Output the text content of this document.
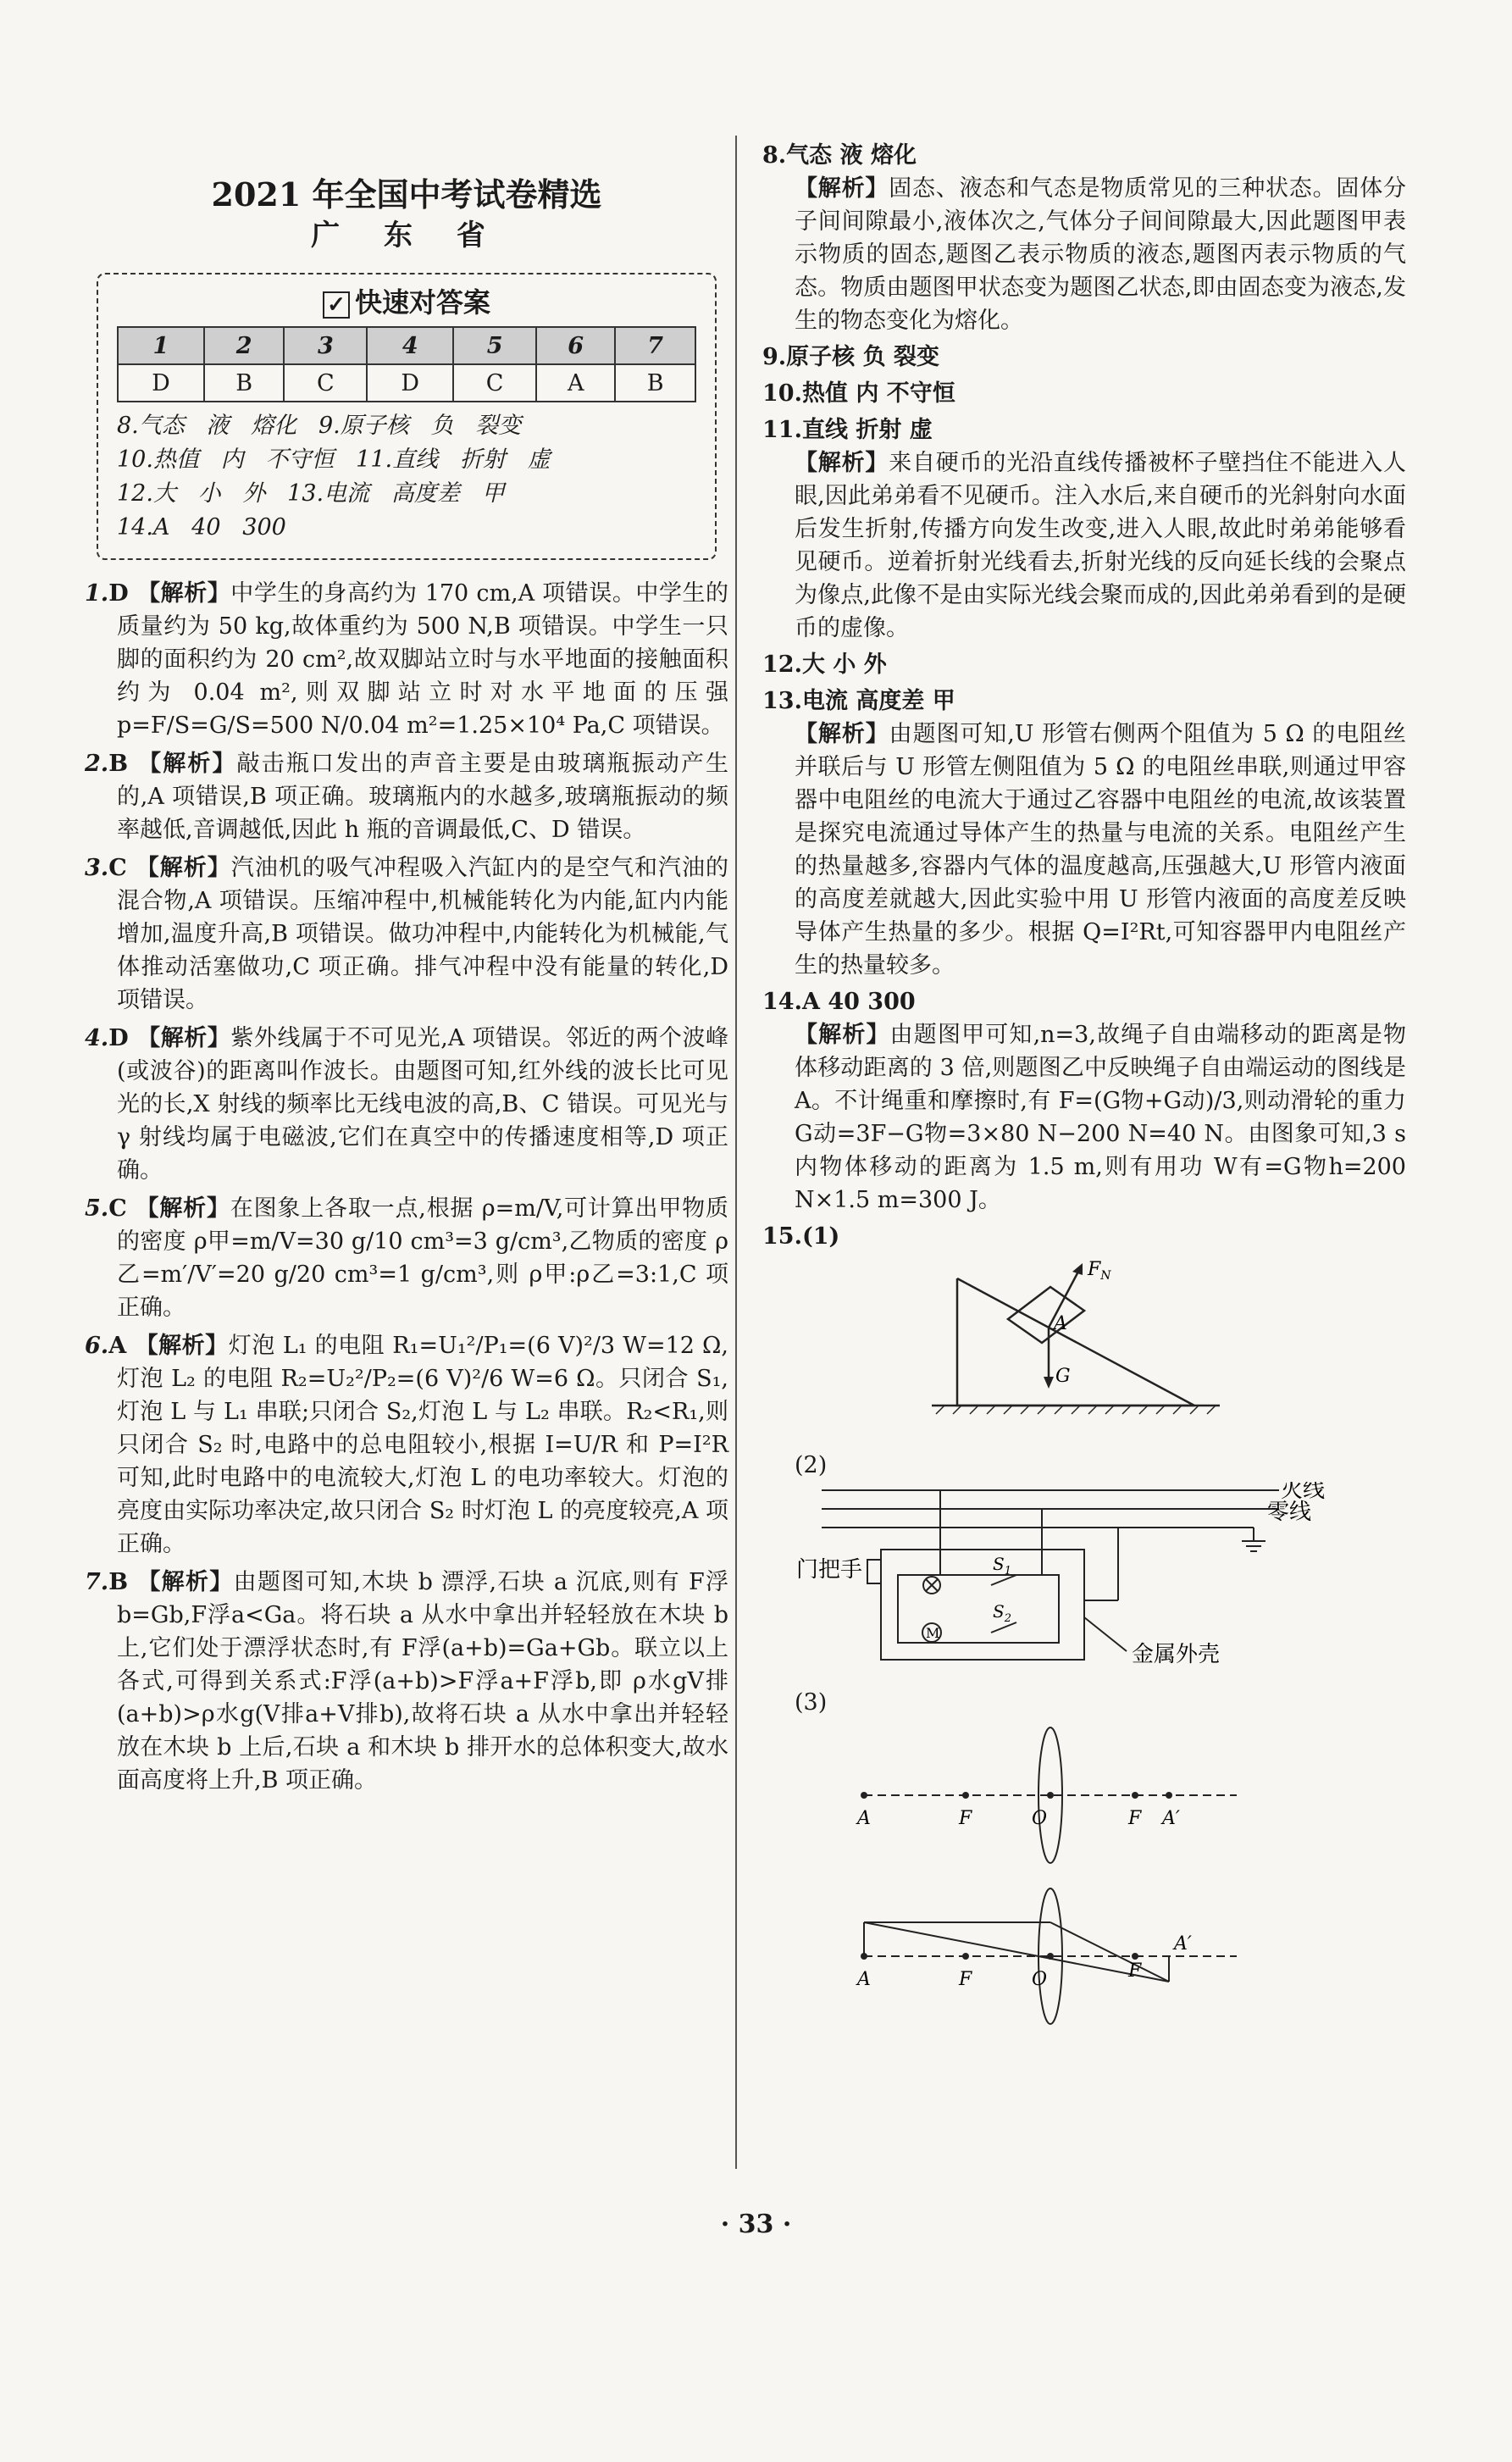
2021 年全国中考试卷精选
广 东 省
✓ 快速对答案
1	2	3	4	5	6	7
D	B	C	D	C	A	B
8.气态   液   熔化   9.原子核   负   裂变
10.热值   内   不守恒   11.直线   折射   虚
12.大   小   外   13.电流   高度差   甲
14.A   40   300
1.D 【解析】中学生的身高约为 170 cm,A 项错误。中学生的质量约为 50 kg,故体重约为 500 N,B 项错误。中学生一只脚的面积约为 20 cm²,故双脚站立时与水平地面的接触面积约为 0.04 m²,则双脚站立时对水平地面的压强 p=F/S=G/S=500 N/0.04 m²=1.25×10⁴ Pa,C 项错误。
2.B 【解析】敲击瓶口发出的声音主要是由玻璃瓶振动产生的,A 项错误,B 项正确。玻璃瓶内的水越多,玻璃瓶振动的频率越低,音调越低,因此 h 瓶的音调最低,C、D 错误。
3.C 【解析】汽油机的吸气冲程吸入汽缸内的是空气和汽油的混合物,A 项错误。压缩冲程中,机械能转化为内能,缸内内能增加,温度升高,B 项错误。做功冲程中,内能转化为机械能,气体推动活塞做功,C 项正确。排气冲程中没有能量的转化,D 项错误。
4.D 【解析】紫外线属于不可见光,A 项错误。邻近的两个波峰(或波谷)的距离叫作波长。由题图可知,红外线的波长比可见光的长,X 射线的频率比无线电波的高,B、C 错误。可见光与 γ 射线均属于电磁波,它们在真空中的传播速度相等,D 项正确。
5.C 【解析】在图象上各取一点,根据 ρ=m/V,可计算出甲物质的密度 ρ甲=m/V=30 g/10 cm³=3 g/cm³,乙物质的密度 ρ乙=m′/V′=20 g/20 cm³=1 g/cm³,则 ρ甲:ρ乙=3:1,C 项正确。
6.A 【解析】灯泡 L₁ 的电阻 R₁=U₁²/P₁=(6 V)²/3 W=12 Ω,灯泡 L₂ 的电阻 R₂=U₂²/P₂=(6 V)²/6 W=6 Ω。只闭合 S₁,灯泡 L 与 L₁ 串联;只闭合 S₂,灯泡 L 与 L₂ 串联。R₂<R₁,则只闭合 S₂ 时,电路中的总电阻较小,根据 I=U/R 和 P=I²R 可知,此时电路中的电流较大,灯泡 L 的电功率较大。灯泡的亮度由实际功率决定,故只闭合 S₂ 时灯泡 L 的亮度较亮,A 项正确。
7.B 【解析】由题图可知,木块 b 漂浮,石块 a 沉底,则有 F浮b=Gb,F浮a<Ga。将石块 a 从水中拿出并轻轻放在木块 b 上,它们处于漂浮状态时,有 F浮(a+b)=Ga+Gb。联立以上各式,可得到关系式:F浮(a+b)>F浮a+F浮b,即 ρ水gV排(a+b)>ρ水g(V排a+V排b),故将石块 a 从水中拿出并轻轻放在木块 b 上后,石块 a 和木块 b 排开水的总体积变大,故水面高度将上升,B 项正确。
8.气态 液 熔化
【解析】固态、液态和气态是物质常见的三种状态。固体分子间间隙最小,液体次之,气体分子间间隙最大,因此题图甲表示物质的固态,题图乙表示物质的液态,题图丙表示物质的气态。物质由题图甲状态变为题图乙状态,即由固态变为液态,发生的物态变化为熔化。
9.原子核 负 裂变
10.热值 内 不守恒
11.直线 折射 虚
【解析】来自硬币的光沿直线传播被杯子壁挡住不能进入人眼,因此弟弟看不见硬币。注入水后,来自硬币的光斜射向水面后发生折射,传播方向发生改变,进入人眼,故此时弟弟能够看见硬币。逆着折射光线看去,折射光线的反向延长线的会聚点为像点,此像不是由实际光线会聚而成的,因此弟弟看到的是硬币的虚像。
12.大 小 外
13.电流 高度差 甲
【解析】由题图可知,U 形管右侧两个阻值为 5 Ω 的电阻丝并联后与 U 形管左侧阻值为 5 Ω 的电阻丝串联,则通过甲容器中电阻丝的电流大于通过乙容器中电阻丝的电流,故该装置是探究电流通过导体产生的热量与电流的关系。电阻丝产生的热量越多,容器内气体的温度越高,压强越大,U 形管内液面的高度差就越大,因此实验中用 U 形管内液面的高度差反映导体产生热量的多少。根据 Q=I²Rt,可知容器甲内电阻丝产生的热量较多。
14.A 40 300
【解析】由题图甲可知,n=3,故绳子自由端移动的距离是物体移动距离的 3 倍,则题图乙中反映绳子自由端运动的图线是 A。不计绳重和摩擦时,有 F=(G物+G动)/3,则动滑轮的重力 G动=3F−G物=3×80 N−200 N=40 N。由图象可知,3 s 内物体移动的距离为 1.5 m,则有用功 W有=G物h=200 N×1.5 m=300 J。
15.(1)
$F_N$
A
G
(2)
火线
零线
门把手	$S_1$
$S_2$
M
金属外壳
(3)
A	F	O	F A′
A	F	O	F
A′
· 33 ·
